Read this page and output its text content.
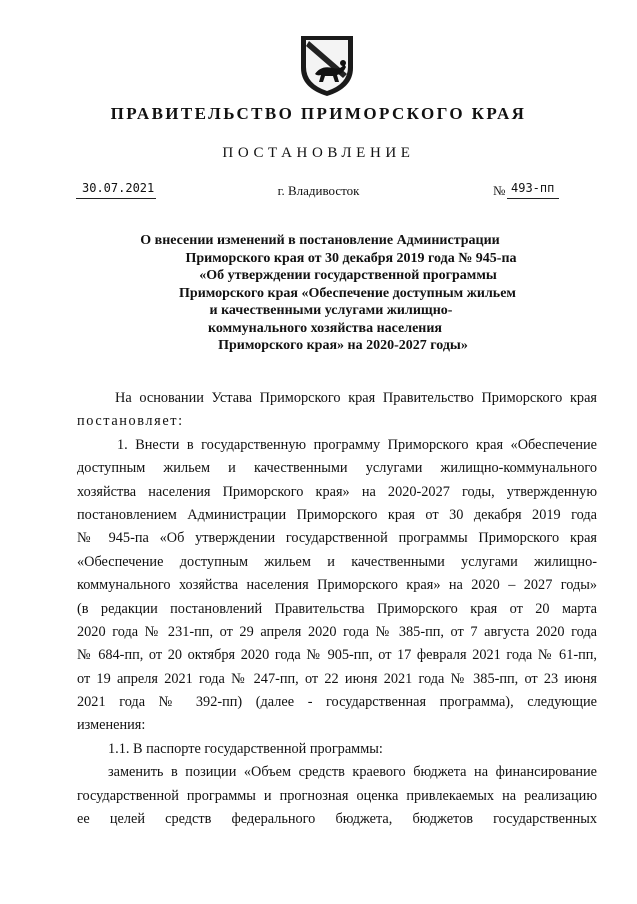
ПРАВИТЕЛЬСТВО ПРИМОРСКОГО КРАЯ
ПОСТАНОВЛЕНИЕ
30.07.2021	г. Владивосток	№ 493-пп
О внесении изменений в постановление Администрации
Приморского края от 30 декабря 2019 года № 945-па
«Об утверждении государственной программы
Приморского края «Обеспечение доступным жильем
и качественными услугами жилищно-
коммунального хозяйства населения
Приморского края» на 2020-2027 годы»
На основании Устава Приморского края Правительство Приморского края
постановляет:
1. Внести в государственную программу Приморского края «Обеспечение
доступным жильем и качественными услугами жилищно-коммунального
хозяйства населения Приморского края» на 2020-2027 годы, утвержденную
постановлением Администрации Приморского края от 30 декабря 2019 года
№ 945-па «Об утверждении государственной программы Приморского края
«Обеспечение доступным жильем и качественными услугами жилищно-
коммунального хозяйства населения Приморского края» на 2020 – 2027 годы»
(в редакции постановлений Правительства Приморского края от 20 марта
2020 года № 231-пп, от 29 апреля 2020 года № 385-пп, от 7 августа 2020 года
№ 684-пп, от 20 октября 2020 года № 905-пп, от 17 февраля 2021 года № 61-пп,
от 19 апреля 2021 года № 247-пп, от 22 июня 2021 года № 385-пп, от 23 июня
2021 года № 392-пп) (далее - государственная программа), следующие
изменения:
1.1. В паспорте государственной программы:
заменить в позиции «Объем средств краевого бюджета на финансирование
государственной программы и прогнозная оценка привлекаемых на реализацию
ее целей средств федерального бюджета, бюджетов государственных
